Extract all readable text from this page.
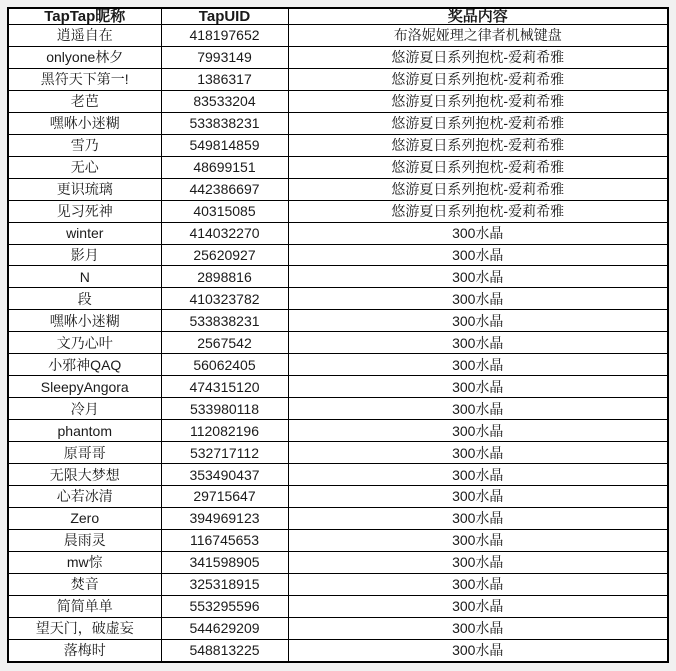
TapTap昵称	TapUID	奖品内容
逍遥自在	418197652	布洛妮娅理之律者机械键盘
onlyone林夕	7993149	悠游夏日系列抱枕-爱莉希雅
黑符天下第一!	1386317	悠游夏日系列抱枕-爱莉希雅
老芭	83533204	悠游夏日系列抱枕-爱莉希雅
嘿咻小迷糊	533838231	悠游夏日系列抱枕-爱莉希雅
雪乃	549814859	悠游夏日系列抱枕-爱莉希雅
无心	48699151	悠游夏日系列抱枕-爱莉希雅
更识琉璃	442386697	悠游夏日系列抱枕-爱莉希雅
见习死神	40315085	悠游夏日系列抱枕-爱莉希雅
winter	414032270	300水晶
影月	25620927	300水晶
N	2898816	300水晶
段	410323782	300水晶
嘿咻小迷糊	533838231	300水晶
文乃心叶	2567542	300水晶
小邪神QAQ	56062405	300水晶
SleepyAngora	474315120	300水晶
冷月	533980118	300水晶
phantom	112082196	300水晶
原哥哥	532717112	300水晶
无限大梦想	353490437	300水晶
心若冰清	29715647	300水晶
Zero	394969123	300水晶
晨雨灵	116745653	300水晶
mw悰	341598905	300水晶
焚音	325318915	300水晶
简简单单	553295596	300水晶
望天门，破虚妄	544629209	300水晶
落梅时	548813225	300水晶
